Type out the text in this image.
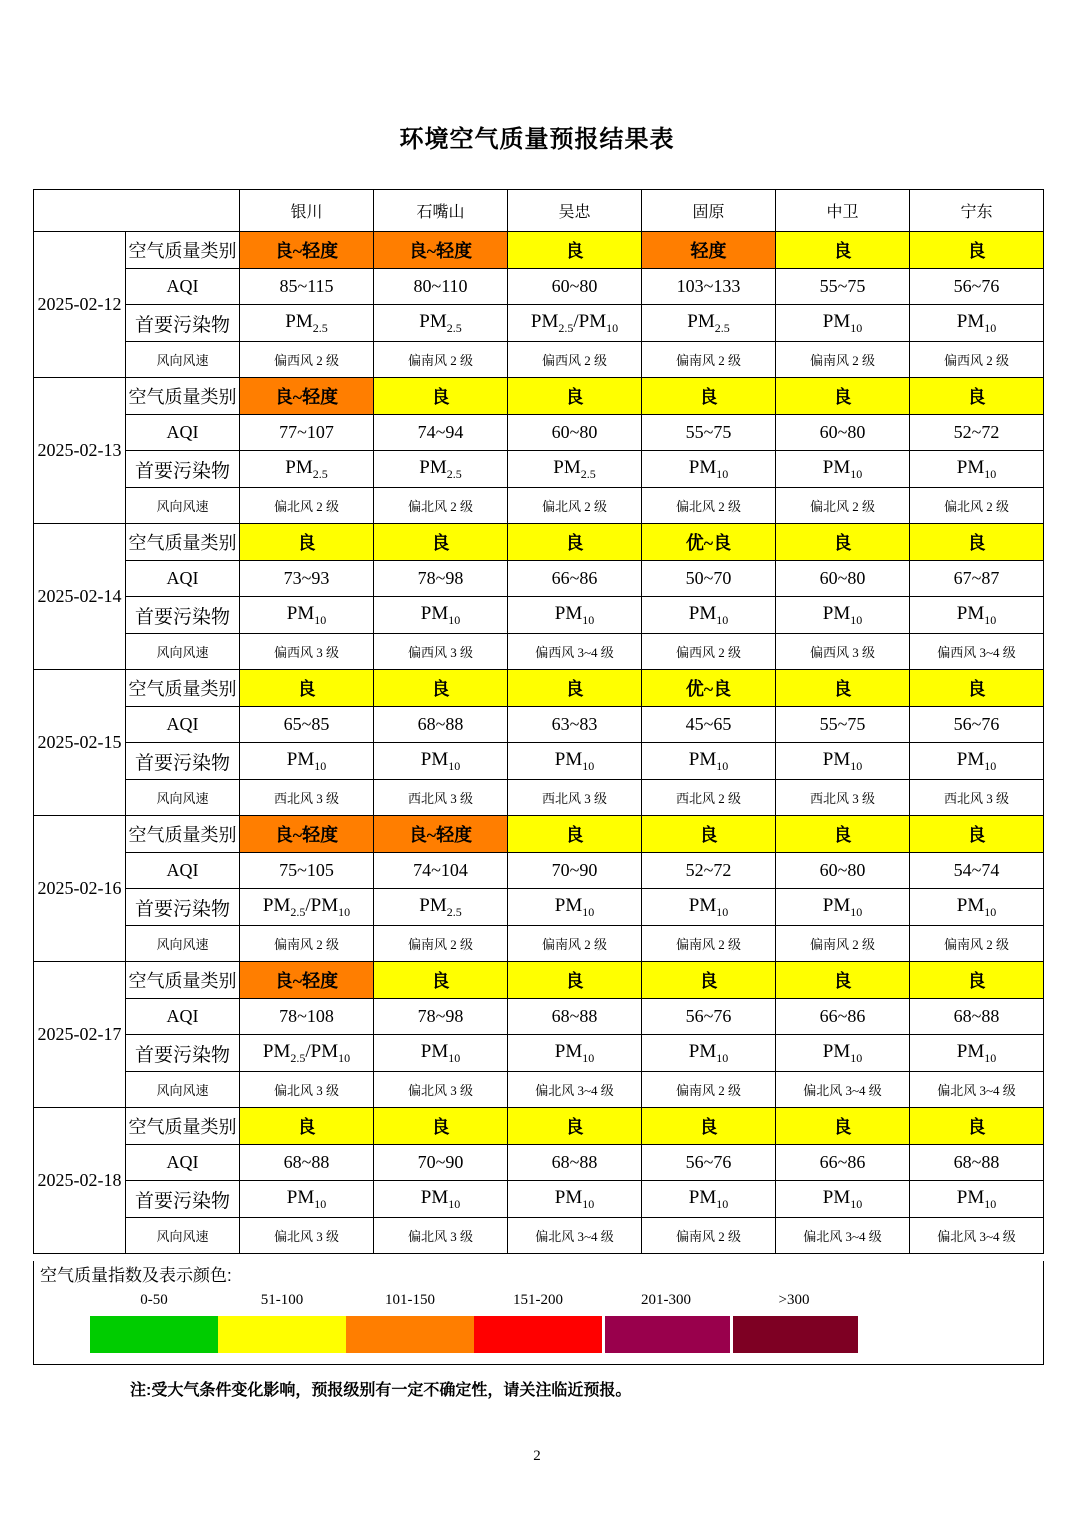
环境空气质量预报结果表
		银川	石嘴山	吴忠	固原	中卫	宁东
2025-02-12	空气质量类别	良~轻度	良~轻度	良	轻度	良	良
	AQI	85~115	80~110	60~80	103~133	55~75	56~76
	首要污染物	$PM_{2.5}$	$PM_{2.5}$	$PM_{2.5}/PM_{10}$	$PM_{2.5}$	$PM_{10}$	$PM_{10}$
	风向风速	偏西风 2 级	偏南风 2 级	偏西风 2 级	偏南风 2 级	偏南风 2 级	偏西风 2 级
2025-02-13	空气质量类别	良~轻度	良	良	良	良	良
	AQI	77~107	74~94	60~80	55~75	60~80	52~72
	首要污染物	$PM_{2.5}$	$PM_{2.5}$	$PM_{2.5}$	$PM_{10}$	$PM_{10}$	$PM_{10}$
	风向风速	偏北风 2 级	偏北风 2 级	偏北风 2 级	偏北风 2 级	偏北风 2 级	偏北风 2 级
2025-02-14	空气质量类别	良	良	良	优~良	良	良
	AQI	73~93	78~98	66~86	50~70	60~80	67~87
	首要污染物	$PM_{10}$	$PM_{10}$	$PM_{10}$	$PM_{10}$	$PM_{10}$	$PM_{10}$
	风向风速	偏西风 3 级	偏西风 3 级	偏西风 3~4 级	偏西风 2 级	偏西风 3 级	偏西风 3~4 级
2025-02-15	空气质量类别	良	良	良	优~良	良	良
	AQI	65~85	68~88	63~83	45~65	55~75	56~76
	首要污染物	$PM_{10}$	$PM_{10}$	$PM_{10}$	$PM_{10}$	$PM_{10}$	$PM_{10}$
	风向风速	西北风 3 级	西北风 3 级	西北风 3 级	西北风 2 级	西北风 3 级	西北风 3 级
2025-02-16	空气质量类别	良~轻度	良~轻度	良	良	良	良
	AQI	75~105	74~104	70~90	52~72	60~80	54~74
	首要污染物	$PM_{2.5}/PM_{10}$	$PM_{2.5}$	$PM_{10}$	$PM_{10}$	$PM_{10}$	$PM_{10}$
	风向风速	偏南风 2 级	偏南风 2 级	偏南风 2 级	偏南风 2 级	偏南风 2 级	偏南风 2 级
2025-02-17	空气质量类别	良~轻度	良	良	良	良	良
	AQI	78~108	78~98	68~88	56~76	66~86	68~88
	首要污染物	$PM_{2.5}/PM_{10}$	$PM_{10}$	$PM_{10}$	$PM_{10}$	$PM_{10}$	$PM_{10}$
	风向风速	偏北风 3 级	偏北风 3 级	偏北风 3~4 级	偏南风 2 级	偏北风 3~4 级	偏北风 3~4 级
2025-02-18	空气质量类别	良	良	良	良	良	良
	AQI	68~88	70~90	68~88	56~76	66~86	68~88
	首要污染物	$PM_{10}$	$PM_{10}$	$PM_{10}$	$PM_{10}$	$PM_{10}$	$PM_{10}$
	风向风速	偏北风 3 级	偏北风 3 级	偏北风 3~4 级	偏南风 2 级	偏北风 3~4 级	偏北风 3~4 级
空气质量指数及表示颜色:
0-50	51-100	101-150	151-200	201-300	>300
注:受大气条件变化影响，预报级别有一定不确定性，请关注临近预报。
2
